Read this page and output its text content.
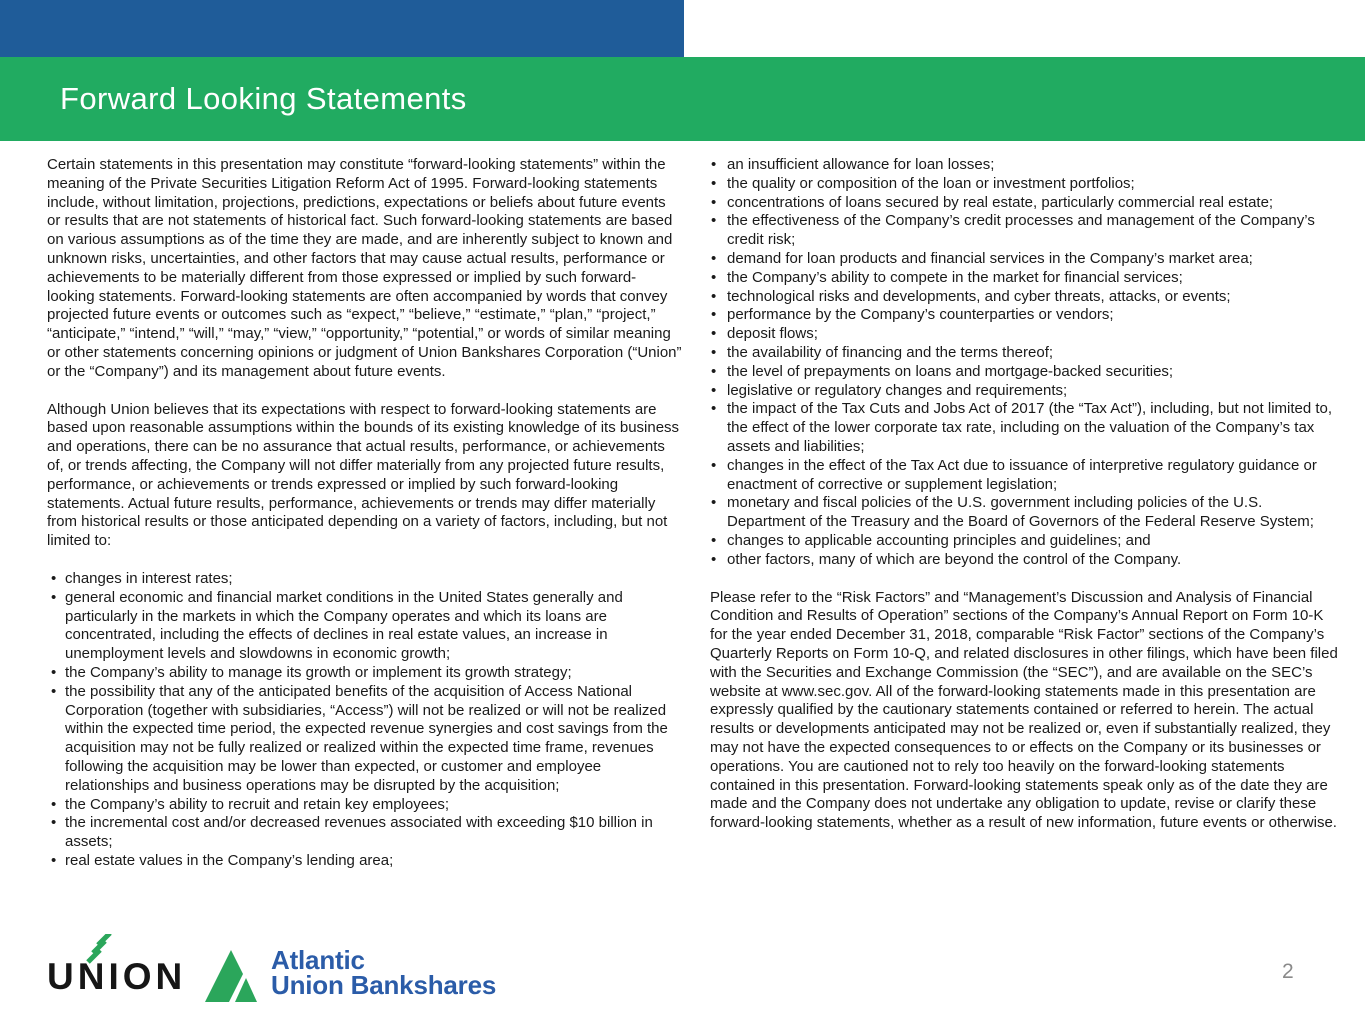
Forward Looking Statements

Certain statements in this presentation may constitute “forward-looking statements” within the meaning of the Private Securities Litigation Reform Act of 1995. Forward-looking statements include, without limitation, projections, predictions, expectations or beliefs about future events or results that are not statements of historical fact. Such forward-looking statements are based on various assumptions as of the time they are made, and are inherently subject to known and unknown risks, uncertainties, and other factors that may cause actual results, performance or achievements to be materially different from those expressed or implied by such forward-looking statements. Forward-looking statements are often accompanied by words that convey projected future events or outcomes such as “expect,” “believe,” “estimate,” “plan,” “project,” “anticipate,” “intend,” “will,” “may,” “view,” “opportunity,” “potential,” or words of similar meaning or other statements concerning opinions or judgment of Union Bankshares Corporation (“Union” or the “Company”) and its management about future events.

Although Union believes that its expectations with respect to forward-looking statements are based upon reasonable assumptions within the bounds of its existing knowledge of its business and operations, there can be no assurance that actual results, performance, or achievements of, or trends affecting, the Company will not differ materially from any projected future results, performance, or achievements or trends expressed or implied by such forward-looking statements. Actual future results, performance, achievements or trends may differ materially from historical results or those anticipated depending on a variety of factors, including, but not limited to:

• changes in interest rates;
• general economic and financial market conditions in the United States generally and particularly in the markets in which the Company operates and which its loans are concentrated, including the effects of declines in real estate values, an increase in unemployment levels and slowdowns in economic growth;
• the Company’s ability to manage its growth or implement its growth strategy;
• the possibility that any of the anticipated benefits of the acquisition of Access National Corporation (together with subsidiaries, “Access”) will not be realized or will not be realized within the expected time period, the expected revenue synergies and cost savings from the acquisition may not be fully realized or realized within the expected time frame, revenues following the acquisition may be lower than expected, or customer and employee relationships and business operations may be disrupted by the acquisition;
• the Company’s ability to recruit and retain key employees;
• the incremental cost and/or decreased revenues associated with exceeding $10 billion in assets;
• real estate values in the Company’s lending area;
• an insufficient allowance for loan losses;
• the quality or composition of the loan or investment portfolios;
• concentrations of loans secured by real estate, particularly commercial real estate;
• the effectiveness of the Company’s credit processes and management of the Company’s credit risk;
• demand for loan products and financial services in the Company’s market area;
• the Company’s ability to compete in the market for financial services;
• technological risks and developments, and cyber threats, attacks, or events;
• performance by the Company’s counterparties or vendors;
• deposit flows;
• the availability of financing and the terms thereof;
• the level of prepayments on loans and mortgage-backed securities;
• legislative or regulatory changes and requirements;
• the impact of the Tax Cuts and Jobs Act of 2017 (the “Tax Act”), including, but not limited to, the effect of the lower corporate tax rate, including on the valuation of the Company’s tax assets and liabilities;
• changes in the effect of the Tax Act due to issuance of interpretive regulatory guidance or enactment of corrective or supplement legislation;
• monetary and fiscal policies of the U.S. government including policies of the U.S. Department of the Treasury and the Board of Governors of the Federal Reserve System;
• changes to applicable accounting principles and guidelines; and
• other factors, many of which are beyond the control of the Company.

Please refer to the “Risk Factors” and “Management’s Discussion and Analysis of Financial Condition and Results of Operation” sections of the Company’s Annual Report on Form 10-K for the year ended December 31, 2018, comparable “Risk Factor” sections of the Company’s Quarterly Reports on Form 10-Q, and related disclosures in other filings, which have been filed with the Securities and Exchange Commission (the “SEC”), and are available on the SEC’s website at www.sec.gov. All of the forward-looking statements made in this presentation are expressly qualified by the cautionary statements contained or referred to herein. The actual results or developments anticipated may not be realized or, even if substantially realized, they may not have the expected consequences to or effects on the Company or its businesses or operations. You are cautioned not to rely too heavily on the forward-looking statements contained in this presentation. Forward-looking statements speak only as of the date they are made and the Company does not undertake any obligation to update, revise or clarify these forward-looking statements, whether as a result of new information, future events or otherwise.

UNION	Atlantic
Union Bankshares	2
